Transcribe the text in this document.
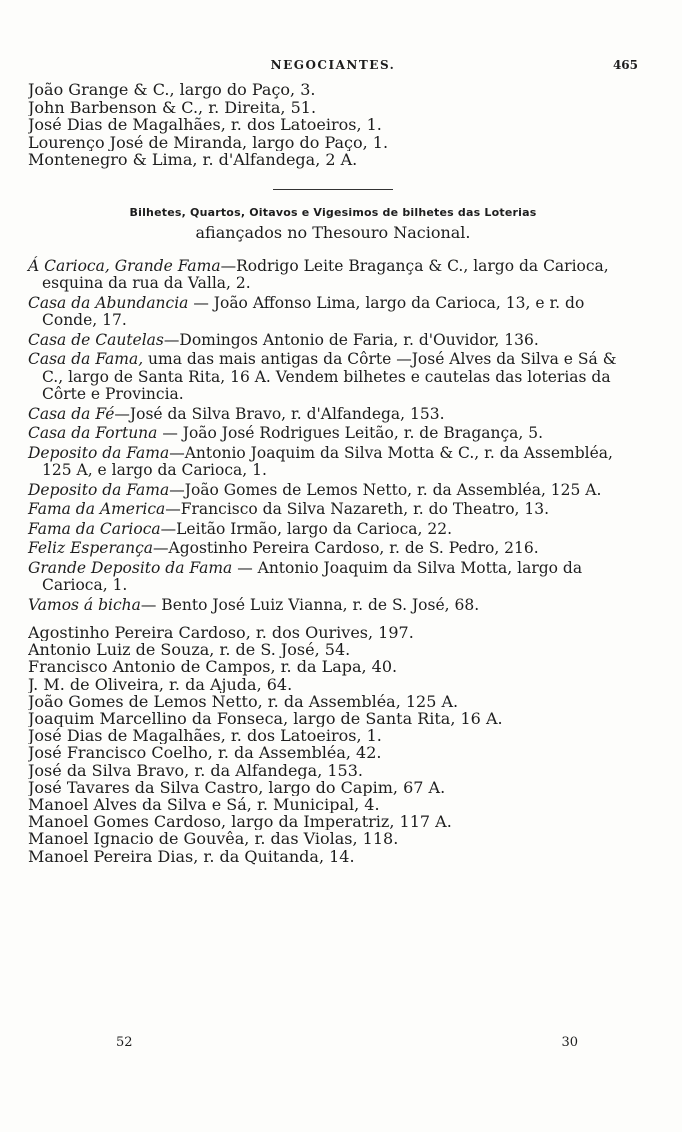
NEGOCIANTES.	465
João Grange & C., largo do Paço, 3.
John Barbenson & C., r. Direita, 51.
José Dias de Magalhães, r. dos Latoeiros, 1.
Lourenço José de Miranda, largo do Paço, 1.
Montenegro & Lima, r. d'Alfandega, 2 A.
Bilhetes, Quartos, Oitavos e Vigesimos de bilhetes das Loterias
afiançados no Thesouro Nacional.
Á Carioca, Grande Fama—Rodrigo Leite Bragança & C., largo da Carioca, esquina da rua da Valla, 2.
Casa da Abundancia — João Affonso Lima, largo da Carioca, 13, e r. do Conde, 17.
Casa de Cautelas—Domingos Antonio de Faria, r. d'Ouvidor, 136.
Casa da Fama, uma das mais antigas da Côrte —José Alves da Silva e Sá & C., largo de Santa Rita, 16 A. Vendem bilhetes e cautelas das loterias da Côrte e Provincia.
Casa da Fé—José da Silva Bravo, r. d'Alfandega, 153.
Casa da Fortuna — João José Rodrigues Leitão, r. de Bragança, 5.
Deposito da Fama—Antonio Joaquim da Silva Motta & C., r. da Assembléa, 125 A, e largo da Carioca, 1.
Deposito da Fama—João Gomes de Lemos Netto, r. da Assembléa, 125 A.
Fama da America—Francisco da Silva Nazareth, r. do Theatro, 13.
Fama da Carioca—Leitão Irmão, largo da Carioca, 22.
Feliz Esperança—Agostinho Pereira Cardoso, r. de S. Pedro, 216.
Grande Deposito da Fama — Antonio Joaquim da Silva Motta, largo da Carioca, 1.
Vamos á bicha— Bento José Luiz Vianna, r. de S. José, 68.
Agostinho Pereira Cardoso, r. dos Ourives, 197.
Antonio Luiz de Souza, r. de S. José, 54.
Francisco Antonio de Campos, r. da Lapa, 40.
J. M. de Oliveira, r. da Ajuda, 64.
João Gomes de Lemos Netto, r. da Assembléa, 125 A.
Joaquim Marcellino da Fonseca, largo de Santa Rita, 16 A.
José Dias de Magalhães, r. dos Latoeiros, 1.
José Francisco Coelho, r. da Assembléa, 42.
José da Silva Bravo, r. da Alfandega, 153.
José Tavares da Silva Castro, largo do Capim, 67 A.
Manoel Alves da Silva e Sá, r. Municipal, 4.
Manoel Gomes Cardoso, largo da Imperatriz, 117 A.
Manoel Ignacio de Gouvêa, r. das Violas, 118.
Manoel Pereira Dias, r. da Quitanda, 14.
52	30
